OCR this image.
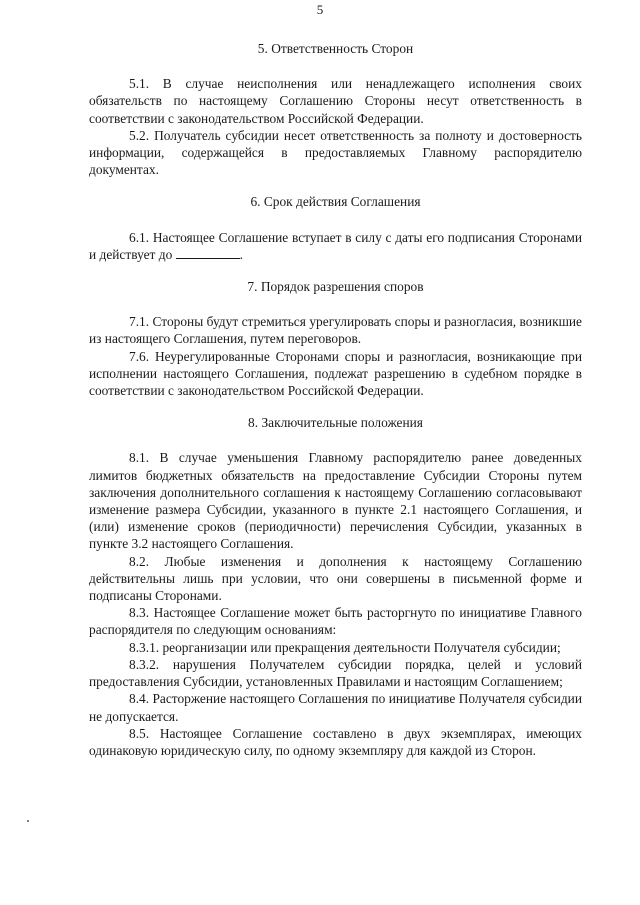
5
5. Ответственность Сторон

5.1. В случае неисполнения или ненадлежащего исполнения своих обязательств по настоящему Соглашению Стороны несут ответственность в соответствии с законодательством Российской Федерации.

5.2. Получатель субсидии несет ответственность за полноту и достоверность информации, содержащейся в предоставляемых Главному распорядителю документах.

6. Срок действия Соглашения

6.1. Настоящее Соглашение вступает в силу с даты его подписания Сторонами и действует до	.

7. Порядок разрешения споров

7.1. Стороны будут стремиться урегулировать споры и разногласия, возникшие из настоящего Соглашения, путем переговоров.

7.6. Неурегулированные Сторонами споры и разногласия, возникающие при исполнении настоящего Соглашения, подлежат разрешению в судебном порядке в соответствии с законодательством Российской Федерации.

8. Заключительные положения

8.1. В случае уменьшения Главному распорядителю ранее доведенных лимитов бюджетных обязательств на предоставление Субсидии Стороны путем заключения дополнительного соглашения к настоящему Соглашению согласовывают изменение размера Субсидии, указанного в пункте 2.1 настоящего Соглашения, и (или) изменение сроков (периодичности) перечисления Субсидии, указанных в пункте 3.2 настоящего Соглашения.

8.2. Любые изменения и дополнения к настоящему Соглашению действительны лишь при условии, что они совершены в письменной форме и подписаны Сторонами.

8.3. Настоящее Соглашение может быть расторгнуто по инициативе Главного распорядителя по следующим основаниям:

8.3.1. реорганизации или прекращения деятельности Получателя субсидии;

8.3.2. нарушения Получателем субсидии порядка, целей и условий предоставления Субсидии, установленных Правилами и настоящим Соглашением;

8.4. Расторжение настоящего Соглашения по инициативе Получателя субсидии не допускается.

8.5. Настоящее Соглашение составлено в двух экземплярах, имеющих одинаковую юридическую силу, по одному экземпляру для каждой из Сторон.
